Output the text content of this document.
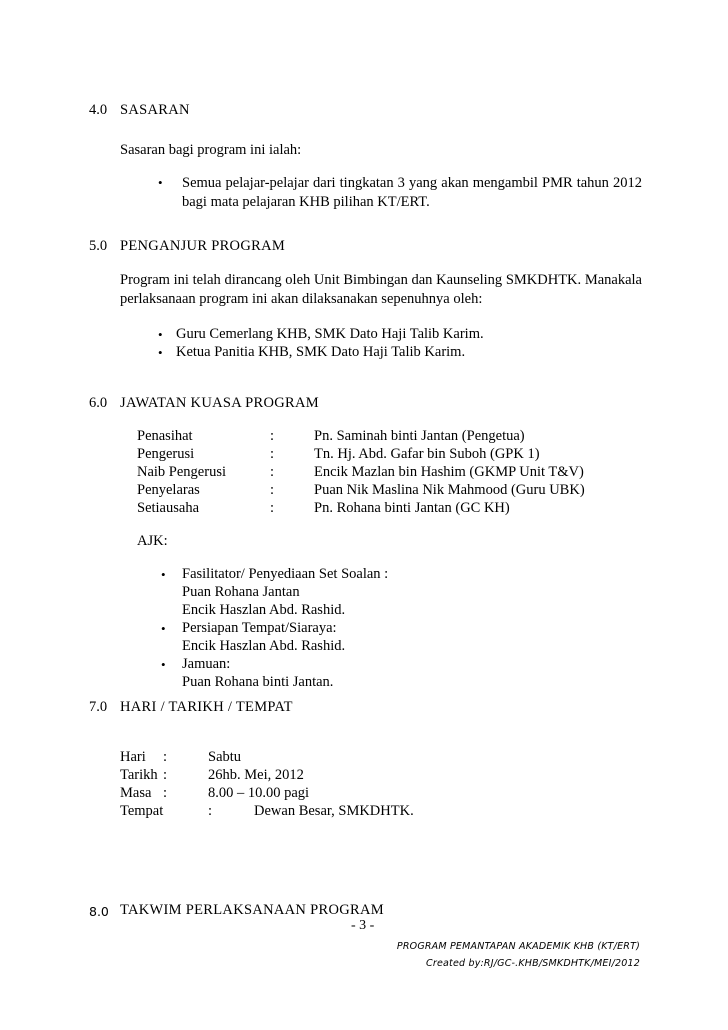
4.0 SASARAN
Sasaran bagi program ini ialah:
• Semua pelajar-pelajar dari tingkatan 3 yang akan mengambil PMR tahun 2012 bagi mata pelajaran KHB pilihan KT/ERT.
5.0 PENGANJUR PROGRAM
Program ini telah dirancang oleh Unit Bimbingan dan Kaunseling SMKDHTK. Manakala perlaksanaan program ini akan dilaksanakan sepenuhnya oleh:
• Guru Cemerlang KHB, SMK Dato Haji Talib Karim.
• Ketua Panitia KHB, SMK Dato Haji Talib Karim.
6.0 JAWATAN KUASA PROGRAM
Penasihat	:	Pn. Saminah binti Jantan (Pengetua)
Pengerusi	:	Tn. Hj. Abd. Gafar bin Suboh (GPK 1)
Naib Pengerusi	:	Encik Mazlan bin Hashim (GKMP Unit T&V)
Penyelaras	:	Puan Nik Maslina Nik Mahmood (Guru UBK)
Setiausaha	:	Pn. Rohana binti Jantan (GC KH)
AJK:
• Fasilitator/ Penyediaan Set Soalan :
Puan Rohana Jantan
Encik Haszlan Abd. Rashid.
• Persiapan Tempat/Siaraya:
Encik Haszlan Abd. Rashid.
• Jamuan:
Puan Rohana binti Jantan.
7.0 HARI / TARIKH / TEMPAT
Hari :	Sabtu
Tarikh :	26hb. Mei, 2012
Masa :	8.00 – 10.00 pagi
Tempat	:	Dewan Besar, SMKDHTK.
8.0 TAKWIM PERLAKSANAAN PROGRAM
- 3 -
PROGRAM PEMANTAPAN AKADEMIK KHB (KT/ERT)
Created by:RJ/GC-.KHB/SMKDHTK/MEI/2012
